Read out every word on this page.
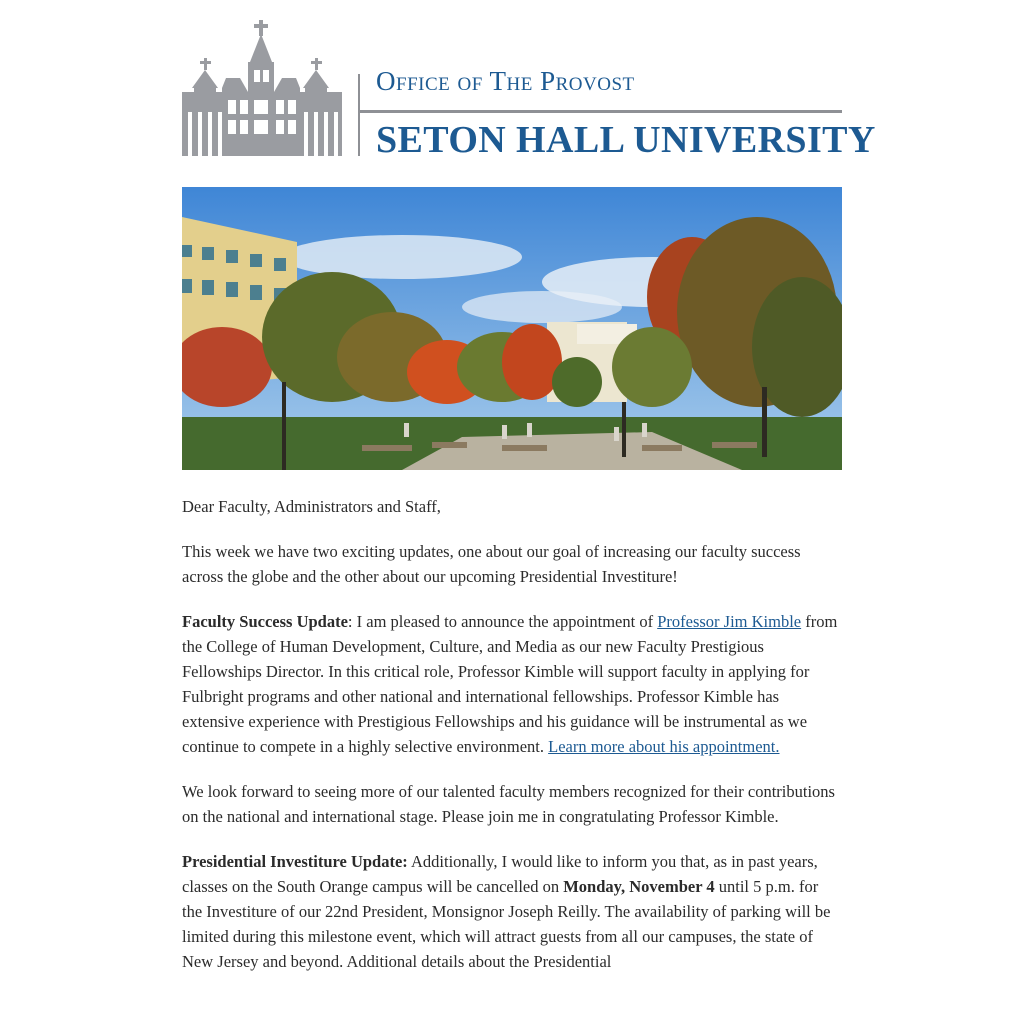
Office of The Provost
SETON HALL UNIVERSITY

Dear Faculty, Administrators and Staff,

This week we have two exciting updates, one about our goal of increasing our faculty success across the globe and the other about our upcoming Presidential Investiture!

Faculty Success Update: I am pleased to announce the appointment of Professor Jim Kimble from the College of Human Development, Culture, and Media as our new Faculty Prestigious Fellowships Director. In this critical role, Professor Kimble will support faculty in applying for Fulbright programs and other national and international fellowships. Professor Kimble has extensive experience with Prestigious Fellowships and his guidance will be instrumental as we continue to compete in a highly selective environment. Learn more about his appointment.

We look forward to seeing more of our talented faculty members recognized for their contributions on the national and international stage. Please join me in congratulating Professor Kimble.

Presidential Investiture Update: Additionally, I would like to inform you that, as in past years, classes on the South Orange campus will be cancelled on Monday, November 4 until 5 p.m. for the Investiture of our 22nd President, Monsignor Joseph Reilly. The availability of parking will be limited during this milestone event, which will attract guests from all our campuses, the state of New Jersey and beyond. Additional details about the Presidential
